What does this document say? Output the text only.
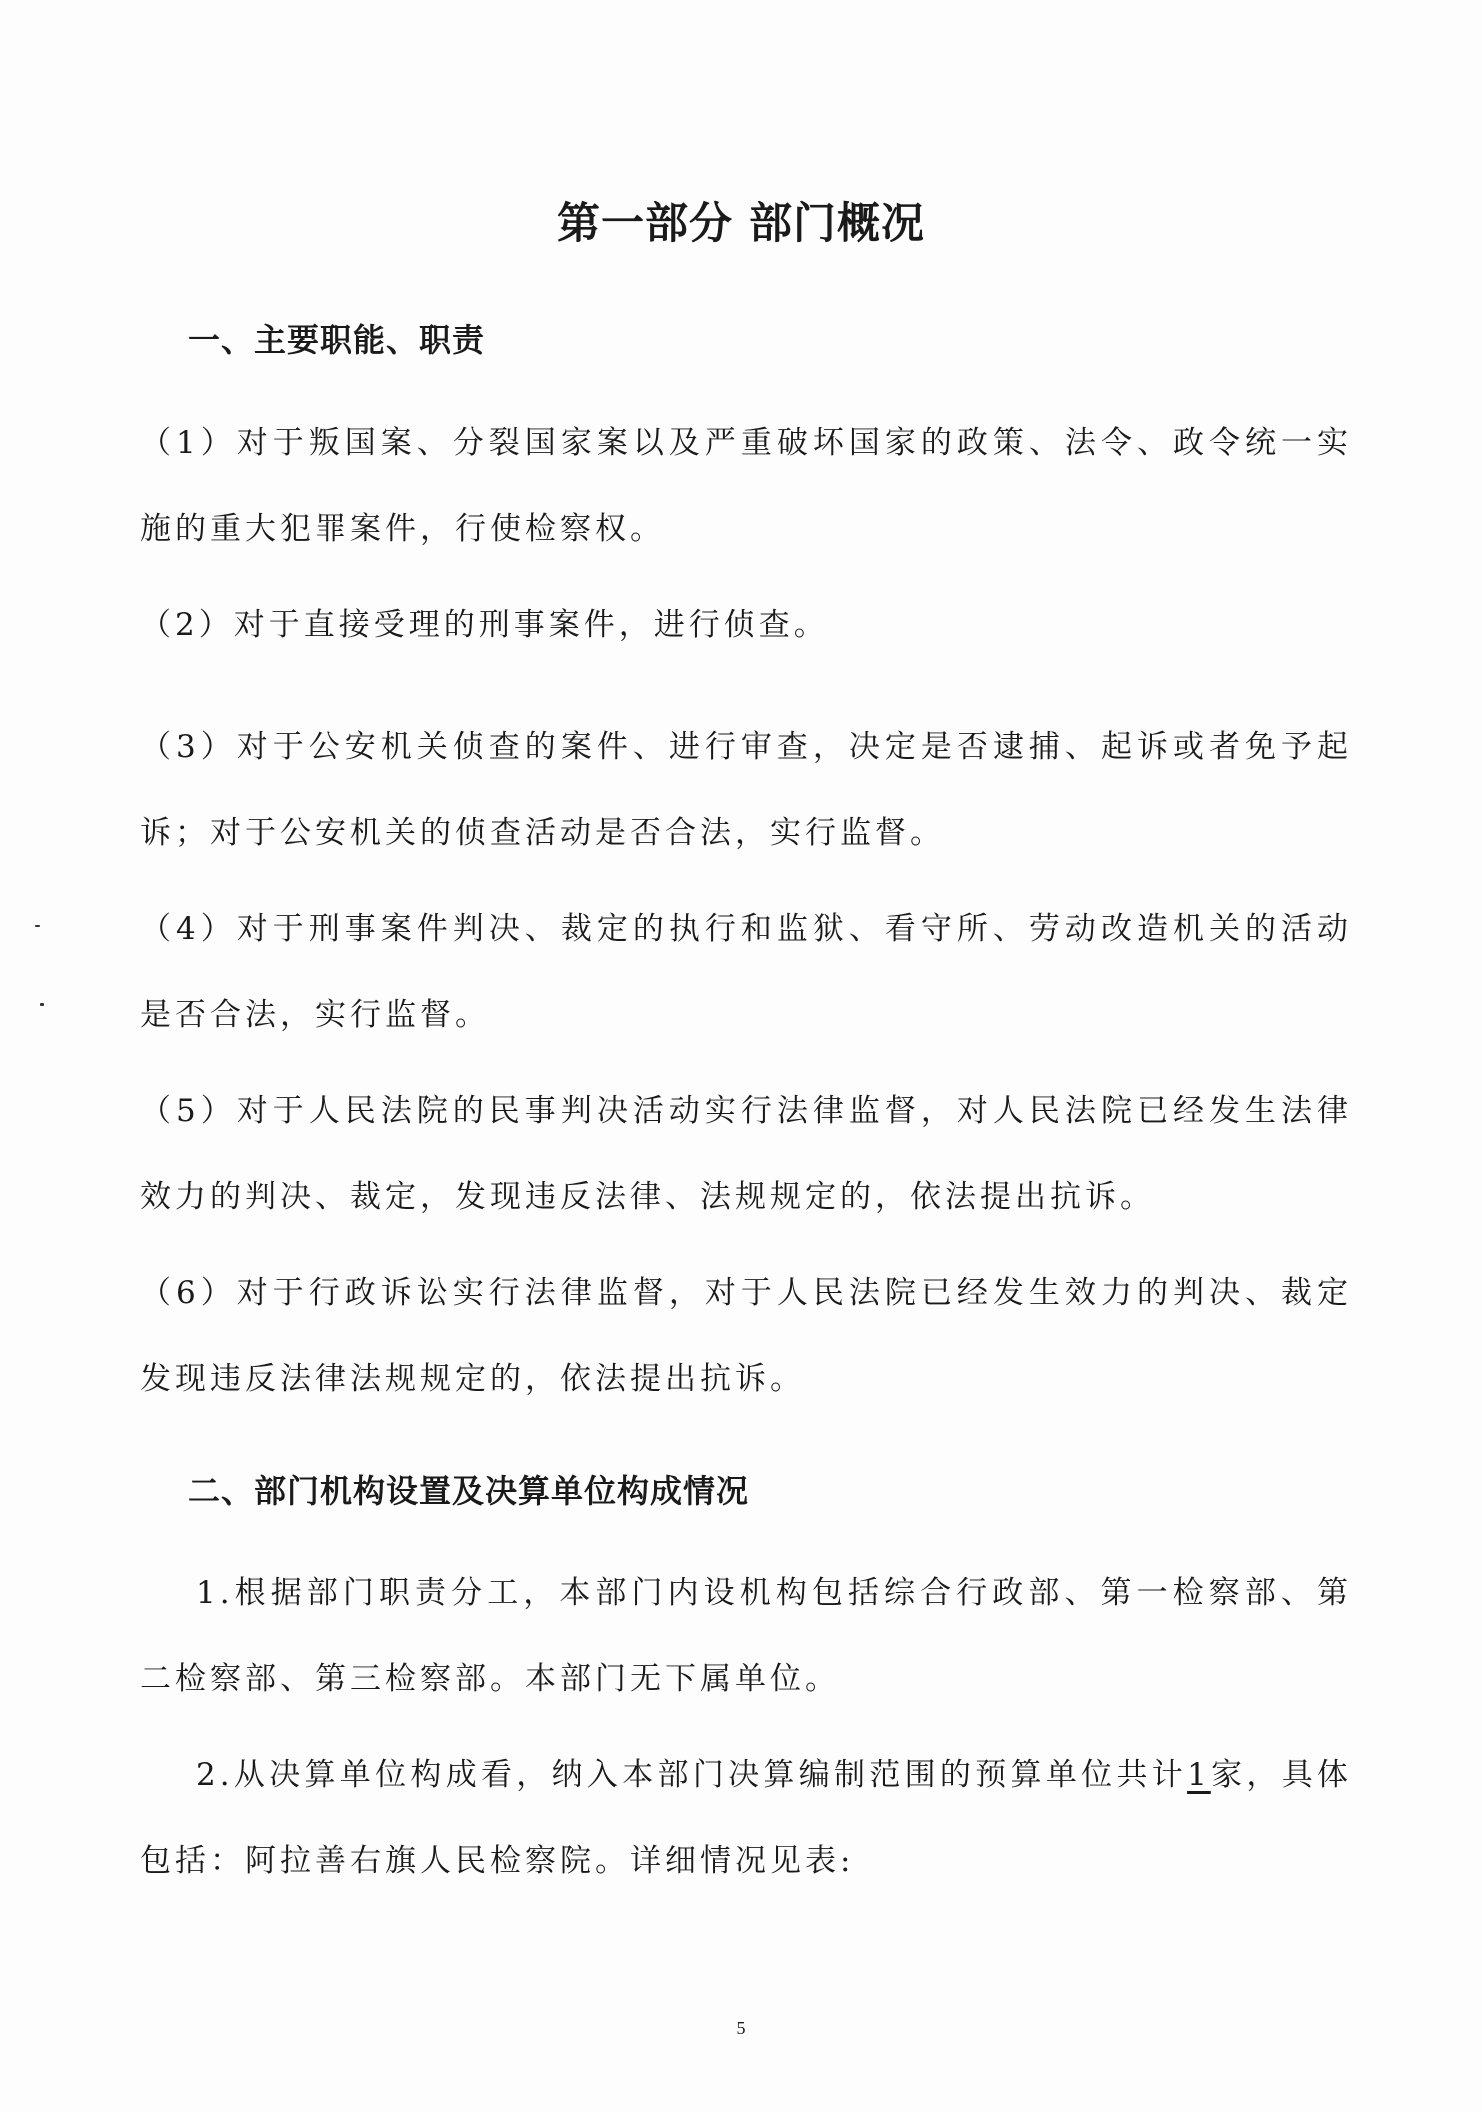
第一部分 部门概况
一、主要职能、职责
（1）对于叛国案、分裂国家案以及严重破坏国家的政策、法令、政令统一实施的重大犯罪案件，行使检察权。
（2）对于直接受理的刑事案件，进行侦查。
（3）对于公安机关侦查的案件、进行审查，决定是否逮捕、起诉或者免予起诉；对于公安机关的侦查活动是否合法，实行监督。
（4）对于刑事案件判决、裁定的执行和监狱、看守所、劳动改造机关的活动是否合法，实行监督。
（5）对于人民法院的民事判决活动实行法律监督，对人民法院已经发生法律效力的判决、裁定，发现违反法律、法规规定的，依法提出抗诉。
（6）对于行政诉讼实行法律监督，对于人民法院已经发生效力的判决、裁定发现违反法律法规规定的，依法提出抗诉。
二、部门机构设置及决算单位构成情况
1.根据部门职责分工，本部门内设机构包括综合行政部、第一检察部、第二检察部、第三检察部。本部门无下属单位。
2.从决算单位构成看，纳入本部门决算编制范围的预算单位共计1家，具体包括：阿拉善右旗人民检察院。详细情况见表:
5
